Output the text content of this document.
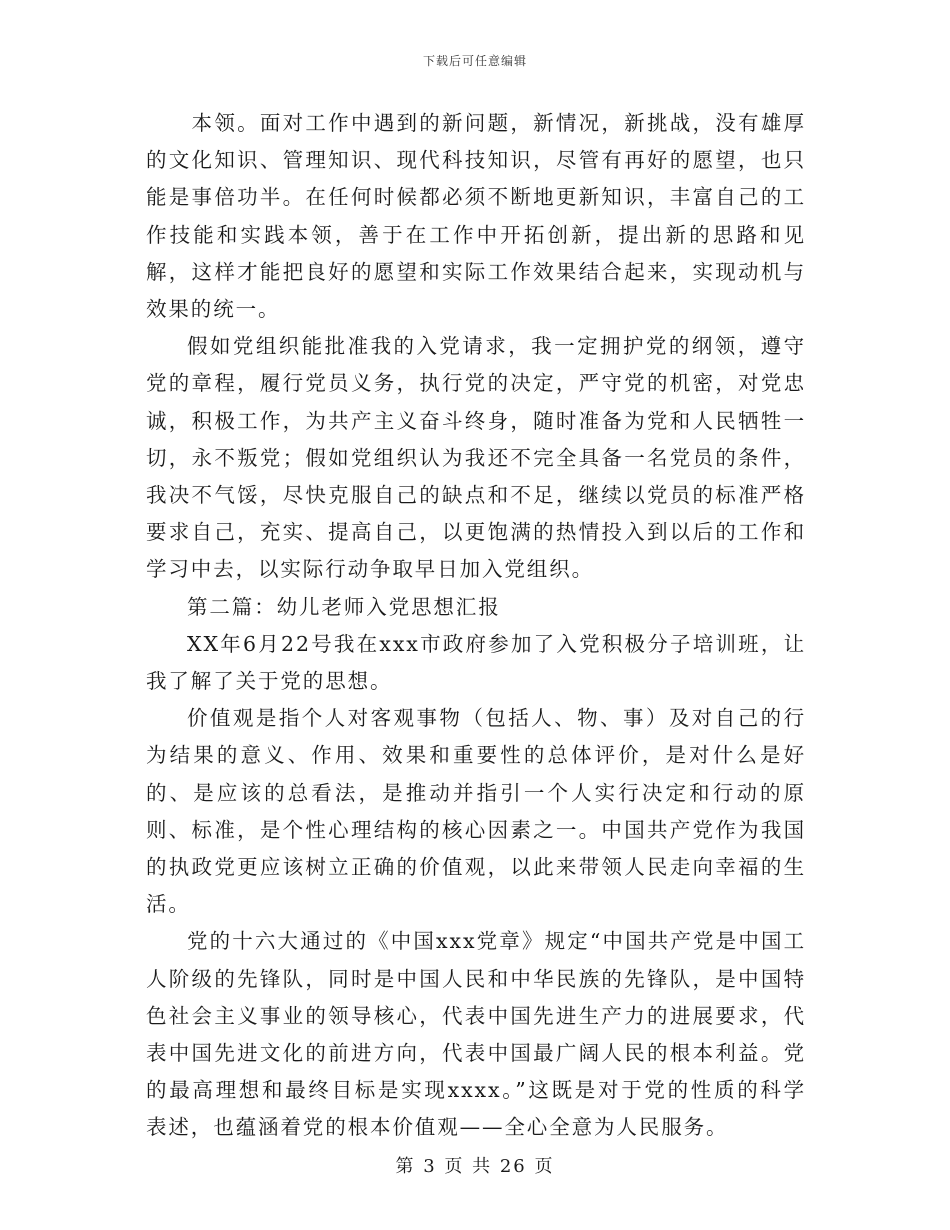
下载后可任意编辑

　　本领。面对工作中遇到的新问题，新情况，新挑战，没有雄厚的文化知识、管理知识、现代科技知识，尽管有再好的愿望，也只能是事倍功半。在任何时候都必须不断地更新知识，丰富自己的工作技能和实践本领，善于在工作中开拓创新，提出新的思路和见解，这样才能把良好的愿望和实际工作效果结合起来，实现动机与效果的统一。

假如党组织能批准我的入党请求，我一定拥护党的纲领，遵守党的章程，履行党员义务，执行党的决定，严守党的机密，对党忠诚，积极工作，为共产主义奋斗终身，随时准备为党和人民牺牲一切，永不叛党；假如党组织认为我还不完全具备一名党员的条件，我决不气馁，尽快克服自己的缺点和不足，继续以党员的标准严格要求自己，充实、提高自己，以更饱满的热情投入到以后的工作和学习中去，以实际行动争取早日加入党组织。

第二篇：幼儿老师入党思想汇报

XX年6月22号我在xxx市政府参加了入党积极分子培训班，让我了解了关于党的思想。

价值观是指个人对客观事物（包括人、物、事）及对自己的行为结果的意义、作用、效果和重要性的总体评价，是对什么是好的、是应该的总看法，是推动并指引一个人实行决定和行动的原则、标准，是个性心理结构的核心因素之一。中国共产党作为我国的执政党更应该树立正确的价值观，以此来带领人民走向幸福的生活。

党的十六大通过的《中国xxx党章》规定“中国共产党是中国工人阶级的先锋队，同时是中国人民和中华民族的先锋队，是中国特色社会主义事业的领导核心，代表中国先进生产力的进展要求，代表中国先进文化的前进方向，代表中国最广阔人民的根本利益。党的最高理想和最终目标是实现xxxx。”这既是对于党的性质的科学表述，也蕴涵着党的根本价值观——全心全意为人民服务。

第 3 页 共 26 页
